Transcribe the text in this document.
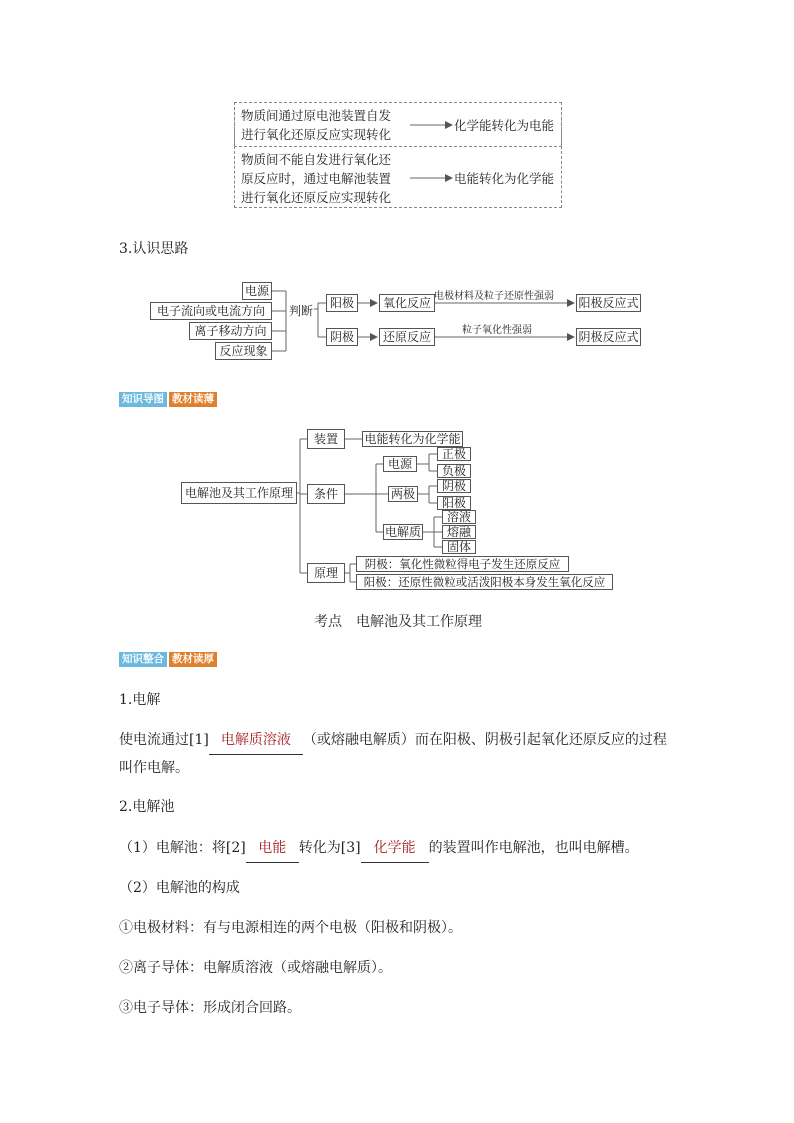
物质间通过原电池装置自发
进行氧化还原反应实现转化
化学能转化为电能
物质间不能自发进行氧化还
原反应时，通过电解池装置
进行氧化还原反应实现转化
电能转化为化学能
3.认识思路
电源
电子流向或电流方向
离子移动方向
反应现象
判断
阳极
阴极
氧化反应
还原反应
电极材料及粒子还原性强弱
粒子氧化性强弱
阳极反应式
阴极反应式
知识导图 教材读薄
电解池及其工作原理
装置	电能转化为化学能
条件
电源
正极
负极
两极
阴极
阳极
电解质
溶液
熔融
固体
原理
阴极：氧化性微粒得电子发生还原反应
阳极：还原性微粒或活泼阳极本身发生氧化反应
考点　电解池及其工作原理
知识整合 教材读厚
1.电解
使电流通过[1] 电解质溶液 （或熔融电解质）而在阳极、阴极引起氧化还原反应的过程
叫作电解。
2.电解池
（1）电解池：将[2] 电能 转化为[3] 化学能 的装置叫作电解池，也叫电解槽。
（2）电解池的构成
①电极材料：有与电源相连的两个电极（阳极和阴极）。
②离子导体：电解质溶液（或熔融电解质）。
③电子导体：形成闭合回路。
